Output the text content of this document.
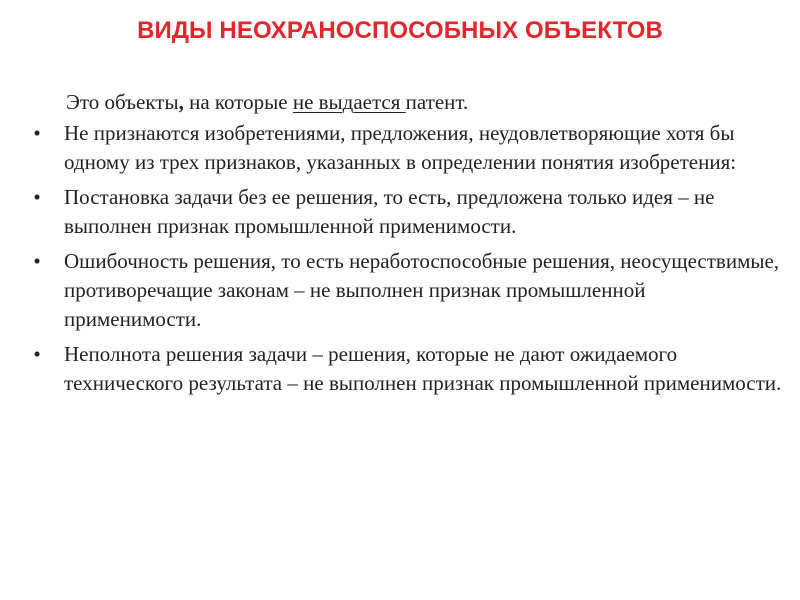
ВИДЫ НЕОХРАНОСПОСОБНЫХ ОБЪЕКТОВ

Это объекты, на которые не выдается патент.

• Не признаются изобретениями, предложения, неудовлетворяющие хотя бы одному из трех признаков, указанных в определении понятия изобретения:
• Постановка задачи без ее решения, то есть, предложена только идея – не выполнен признак промышленной применимости.
• Ошибочность решения, то есть неработоспособные решения, неосуществимые, противоречащие законам – не выполнен признак промышленной применимости.
• Неполнота решения задачи – решения, которые не дают ожидаемого технического результата – не выполнен признак промышленной применимости.
